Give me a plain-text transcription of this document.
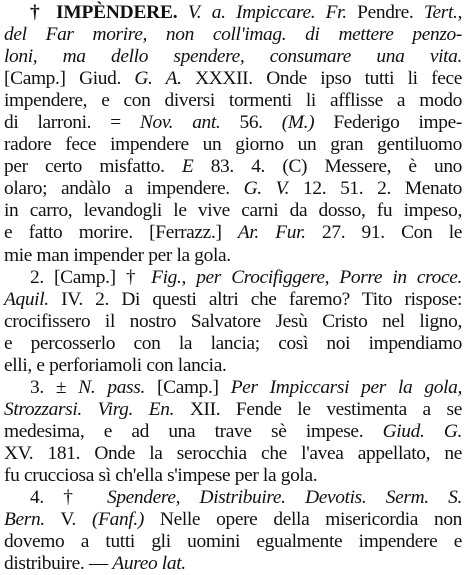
† IMPÈNDERE. V. a. Impiccare. Fr. Pendre. Tert.,
del Far morire, non coll'imag. di mettere penzo-
loni, ma dello spendere, consumare una vita.
[Camp.] Giud. G. A. XXXII. Onde ipso tutti li fece
impendere, e con diversi tormenti li afflisse a modo
di larroni. = Nov. ant. 56. (M.) Federigo impe-
radore fece impendere un giorno un gran gentiluomo
per certo misfatto. E 83. 4. (C) Messere, è uno
olaro; andàlo a impendere. G. V. 12. 51. 2. Menato
in carro, levandogli le vive carni da dosso, fu impeso,
e fatto morire. [Ferrazz.] Ar. Fur. 27. 91. Con le
mie man impender per la gola.
2. [Camp.] † Fig., per Crocifiggere, Porre in croce.
Aquil. IV. 2. Di questi altri che faremo? Tito rispose:
crocifissero il nostro Salvatore Jesù Cristo nel ligno,
e percosserlo con la lancia; così noi impendiamo
elli, e perforiamoli con lancia.
3. ± N. pass. [Camp.] Per Impiccarsi per la gola,
Strozzarsi. Virg. En. XII. Fende le vestimenta a se
medesima, e ad una trave sè impese. Giud. G.
XV. 181. Onde la serocchia che l'avea appellato, ne
fu crucciosa sì ch'ella s'impese per la gola.
4. † Spendere, Distribuire. Devotis. Serm. S.
Bern. V. (Fanf.) Nelle opere della misericordia non
dovemo a tutti gli uomini egualmente impendere e
distribuire. — Aureo lat.
